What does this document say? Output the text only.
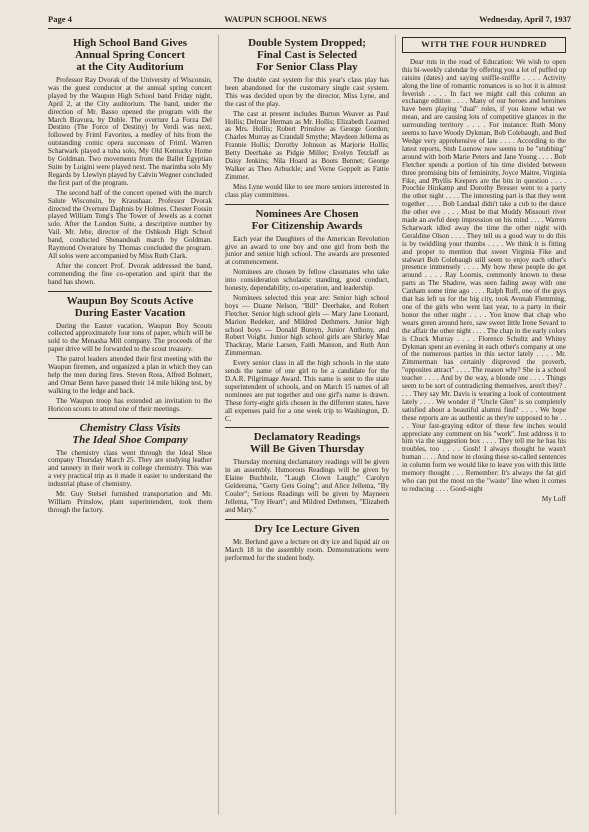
Page 4	WAUPUN SCHOOL NEWS	Wednesday, April 7, 1937
High School Band Gives
Annual Spring Concert
at the City Auditorium

Professor Ray Dvorak of the University of Wisconsin, was the guest conductor at the annual spring concert played by the Waupun High School band Friday night, April 2, at the City auditorium. The band, under the direction of Mr. Basso opened the program with the March Bravura, by Duble. The overture La Forza Del Destino (The Force of Destiny) by Verdi was next, followed by Friml Favorites, a medley of hits from the outstanding comic opera successes of Friml. Warren Scharwark played a tuba solo, My Old Kentucky Home by Goldman. Two movements from the Ballet Egyptian Suite by Luigini were played next. The marimba solo My Regards by Llewlyn played by Calvin Wegner concluded the first part of the program.

The second half of the concert opened with the march Salute Wisconsin, by Kraushaar. Professor Dvorak directed the Overture Daphnis by Holmes. Chester Fossin played William Tong's The Tower of Jewels as a cornet solo. After the London Suite, a descriptive number by Vail. Mr. Jebe, director of the Oshkosh High School band, conducted Shenandoah march by Goldman. Raymond Overature by Thomas concluded the program. All solos were accompanied by Miss Ruth Clark.

After the concert Prof. Dvorak addressed the band, commending the fine co-operation and spirit that the band has shown.

Waupun Boy Scouts Active
During Easter Vacation

During the Easter vacation, Waupun Boy Scouts collected approximately four tons of paper, which will be sold to the Menasha Mill company. The proceeds of the paper drive will be forwarded to the scout treasury.

The patrol leaders attended their first meeting with the Waupun firemen, and organized a plan in which they can help the men during fires. Steven Ross, Alfred Bohnert, and Omar Benn have passed their 14 mile hiking test, by walking to the ledge and back.

The Waupun troop has extended an invitation to the Horicon scouts to attend one of their meetings.

Chemistry Class Visits
The Ideal Shoe Company

The chemistry class went through the Ideal Shoe company Thursday March 25. They are studying leather and tannery in their work in college chemistry. This was a very practical trip as it made it easier to understand the industrial phase of chemistry.

Mr. Guy Stelsel furnished transportation and Mr. William Prinslow, plant superintendent, took them through the factory.

Double System Dropped;
Final Cast is Selected
For Senior Class Play

The double cast system for this year's class play has been abandoned for the customary single cast system. This was decided upon by the director, Miss Lyne, and the cast of the play.

The cast at present includes Burton Weaver as Paul Hollis; Delmar Herman as Mr. Hollis; Elizabeth Learned as Mrs. Hollis; Robert Prinslow as George Gordon; Charles Murray as Crandall Smythe; Maydeen Jellema as Frannie Hollis; Dorothy Johnson as Marjorie Hollis; Betty Deerhake as Pidgie Miller; Evelyn Tetzlaff as Daisy Jenkins; Nila Hoard as Boots Bennet; George Walker as Theo Arbuckle; and Verne Goppelt as Fattie Zimmer.

Miss Lyne would like to see more seniors interested in class play committees.

Nominees Are Chosen
For Citizenship Awards

Each year the Daughters of the American Revolution give an award to one boy and one girl from both the junior and senior high school. The awards are presented at commencement.

Nominees are chosen by fellow classmates who take into consideration scholastic standing, good conduct, honesty, dependability, co-operation, and leadership.

Nominees selected this year are: Senior high school boys — Duane Nelson, "Bill" Deerhake, and Robert Fletcher. Senior high school girls — Mary Jane Leonard, Marion Redeker, and Mildred Dethmers. Junior high school boys — Donald Buteyn, Junior Anthony, and Robert Voight. Junior high school girls are Shirley Mae Thackray, Marie Larsen, Faith Manson, and Ruth Ann Zimmerman.

Every senior class in all the high schools in the state sends the name of one girl to be a candidate for the D.A.R. Pilgrimage Award. This name is sent to the state superintendent of schools, and on March 15 names of all nominees are put together and one girl's name is drawn. These forty-eight girls chosen in the different states, have all expenses paid for a one week trip to Washington, D. C.

Declamatory Readings
Will Be Given Thursday

Thursday morning declamatory readings will be given in an assembly. Humorous Readings will be given by Elaine Buchholz, "Laugh Clown Laugh;" Carolyn Geldersma, "Gerty Gets Going"; and Alice Jellema, "By Couler"; Serious Readings will be given by Mayneen Jellema, "Toy Heart"; and Mildred Dethmers, "Elizabeth and Mary."

Dry Ice Lecture Given

Mr. Berlund gave a lecture on dry ice and liquid air on March 18 in the assembly room. Demonstrations were performed for the student body.

WITH THE FOUR HUNDRED

Dear ruts in the road of Education: We wish to open this bi-weekly calendar by offering you a lot of puffed up raisins (dates) and saying sniffle-sniffle . . . . Activity along the line of romantic romances is so hot it is almost feverish . . . . In fact we might call this column an exchange edition . . . . Many of our heroes and heroines have been playing "dual" roles, if you know what we mean, and are causing lots of competitive glances in the surrounding territory . . . . For instance: Ruth Mony seems to have Woody Dykman, Bob Colebaugh, and Bud Wedge very apprehensive of late . . . . According to the latest reports, Stub Luenow now seems to be "stubbing" around with both Marie Peters and Jane Young . . . . Bob Fletcher spends a portion of his time divided between three promising bits of femininity, Joyce Maitre, Virginia Fike, and Phyllis Keepers are the bits in question . . . . Poochie Hinkamp and Dorothy Bresser went to a party the other night . . . . The interesting part is that they went together . . . . Bob Landaal didn't take a cub to the dance the other eve . . . . Must be that Muddy Missouri river made an awful deep impression on his mind . . . . Warren Scharwark idled away the time the other night with Geraldine Olson . . . . They tell us a good way to do this is by twiddling your thumbs . . . . We think it is fitting and proper to mention that sweet Virginia Fike and stalwart Bob Colebaugh still seem to enjoy each other's presence immensely . . . . My how these people do get around . . . . Ray Loomis, commonly known to these parts as The Shadow, was seen fading away with one Canham some time ago . . . . Ralph Ruff, one of the guys that has left us for the big city, took Avonah Flemming, one of the girls who went last year, to a party in their honor the other night . . . . You know that chap who wears green around here, saw sweet little Irene Sevard to the affair the other night . . . . The chap in the early colors is Chuck Murray . . . . Florence Schultz and Whitey Dykman spent an evening in each other's company at one of the numerous parties in this sector lately . . . . Mr. Zimmerman has certainly disproved the proverb, "opposites attract" . . . . The reason why? She is a school teacher . . . . And by the way, a blonde one . . . . Things seem to be sort of contradicting themselves, aren't they? . . . . They say Mr. Davis is wearing a look of contentment lately . . . . We wonder if "Uncle Glen" is so completely satisfied about a beautiful alumni find? . . . . We hope these reports are as authentic as they're supposed to be . . . . Your fast-graying editor of these few inches would appreciate any comment on his "work". Just address it to him via the suggestion box . . . . They tell me he has his troubles, too . . . . Gosh! I always thought he wasn't human . . . . And now in closing these so-called sentences in column form we would like to leave you with this little memory thought . . . Remember: It's always the fat girl who can put the most on the "waste" line when it comes to reducing . . . . Good-night

My Loff
